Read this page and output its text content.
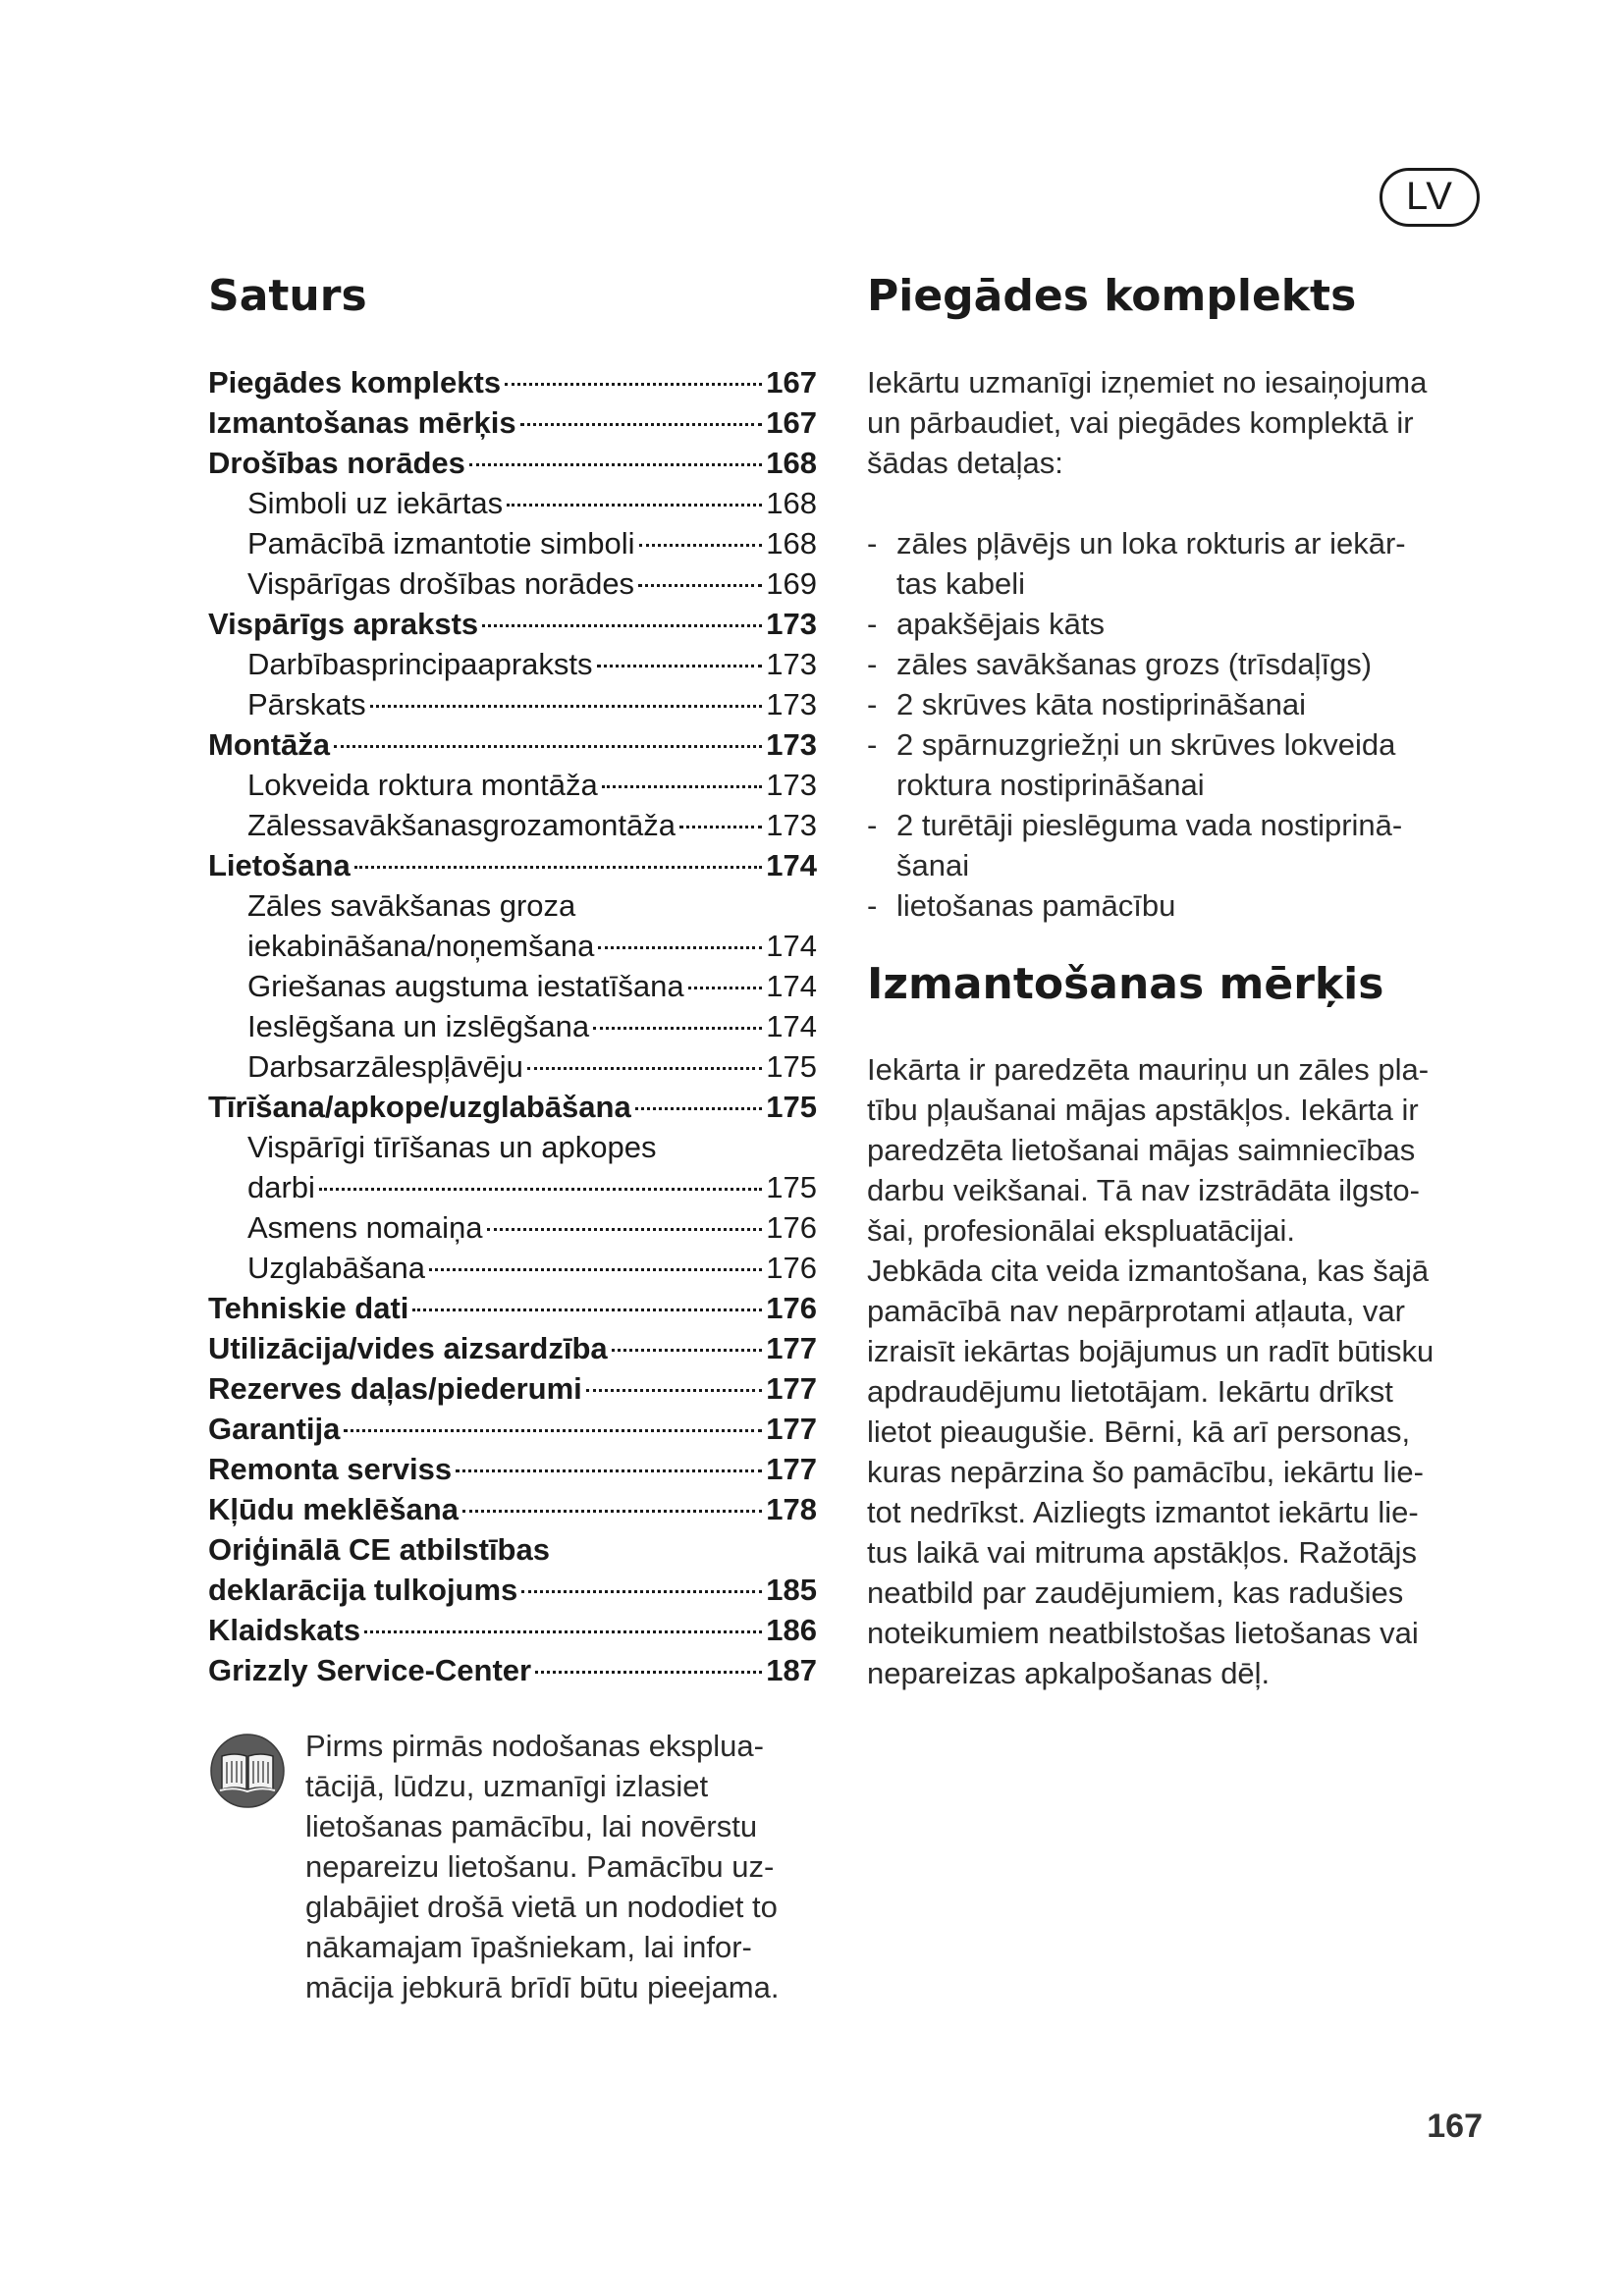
LV
Saturs
Piegādes komplekts	167
Izmantošanas mērķis	167
Drošības norādes	168
Simboli uz iekārtas	168
Pamācībā izmantotie simboli	168
Vispārīgas drošības norādes	169
Vispārīgs apraksts	173
Darbībasprincipaapraksts	173
Pārskats	173
Montāža	173
Lokveida roktura montāža	173
Zālessavākšanasgrozamontāža	173
Lietošana	174
Zāles savākšanas groza
iekabināšana/noņemšana	174
Griešanas augstuma iestatīšana	174
Ieslēgšana un izslēgšana	174
Darbsarzālespļāvēju	175
Tīrīšana/apkope/uzglabāšana	175
Vispārīgi tīrīšanas un apkopes
darbi	175
Asmens nomaiņa	176
Uzglabāšana	176
Tehniskie dati	176
Utilizācija/vides aizsardzība	177
Rezerves daļas/piederumi	177
Garantija	177
Remonta serviss	177
Kļūdu meklēšana	178
Oriģinālā CE atbilstības
deklarācija tulkojums	185
Klaidskats	186
Grizzly Service-Center	187
Pirms pirmās nodošanas eksplua-
tācijā, lūdzu, uzmanīgi izlasiet
lietošanas pamācību, lai novērstu
nepareizu lietošanu. Pamācību uz-
glabājiet drošā vietā un nododiet to
nākamajam īpašniekam, lai infor-
mācija jebkurā brīdī būtu pieejama.
Piegādes komplekts
Iekārtu uzmanīgi izņemiet no iesaiņojuma
un pārbaudiet, vai piegādes komplektā ir
šādas detaļas:
- zāles pļāvējs un loka rokturis ar iekār-
tas kabeli
- apakšējais kāts
- zāles savākšanas grozs (trīsdaļīgs)
- 2 skrūves kāta nostiprināšanai
- 2 spārnuzgriežņi un skrūves lokveida
roktura nostiprināšanai
- 2 turētāji pieslēguma vada nostiprinā-
šanai
- lietošanas pamācību
Izmantošanas mērķis
Iekārta ir paredzēta mauriņu un zāles pla-
tību pļaušanai mājas apstākļos. Iekārta ir
paredzēta lietošanai mājas saimniecības
darbu veikšanai. Tā nav izstrādāta ilgsto-
šai, profesionālai ekspluatācijai.
Jebkāda cita veida izmantošana, kas šajā
pamācībā nav nepārprotami atļauta, var
izraisīt iekārtas bojājumus un radīt būtisku
apdraudējumu lietotājam. Iekārtu drīkst
lietot pieaugušie. Bērni, kā arī personas,
kuras nepārzina šo pamācību, iekārtu lie-
tot nedrīkst. Aizliegts izmantot iekārtu lie-
tus laikā vai mitruma apstākļos. Ražotājs
neatbild par zaudējumiem, kas radušies
noteikumiem neatbilstošas lietošanas vai
nepareizas apkalpošanas dēļ.
167
